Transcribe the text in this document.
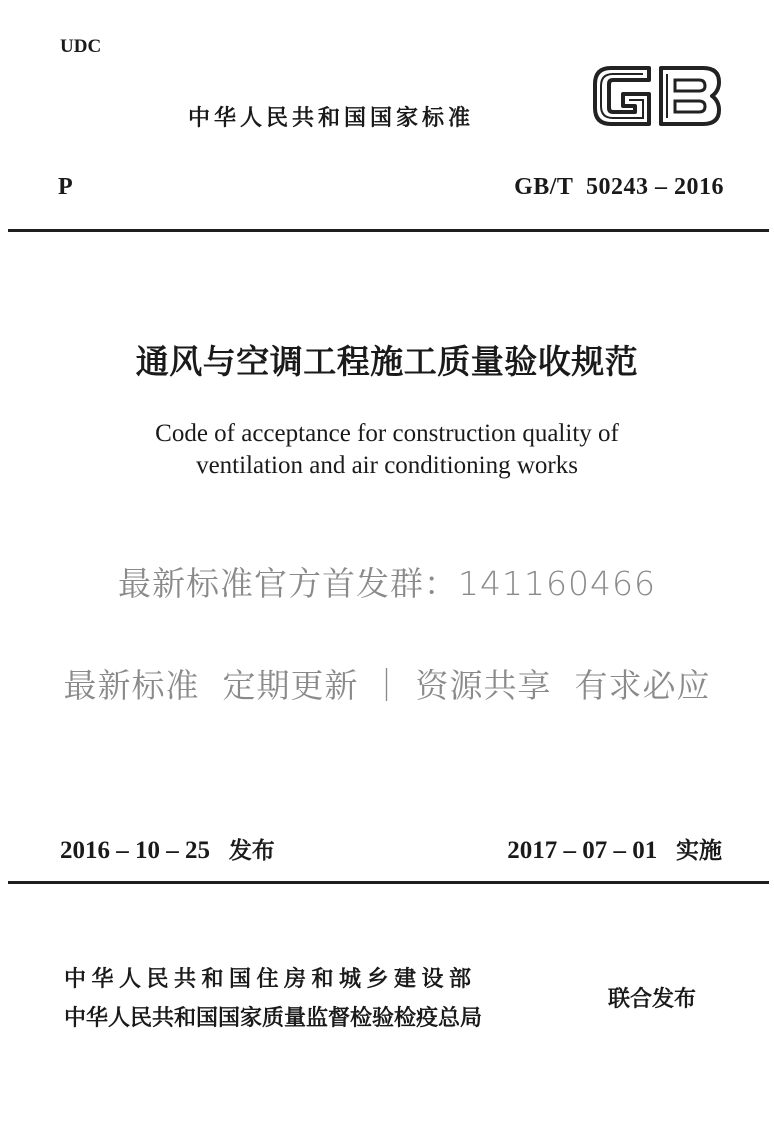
UDC
中华人民共和国国家标准
P	GB/T  50243 – 2016
通风与空调工程施工质量验收规范
Code of acceptance for construction quality of
ventilation and air conditioning works
最新标准官方首发群：141160466
最新标准  定期更新 ｜ 资源共享  有求必应
2016 – 10 – 25 发布	2017 – 07 – 01 实施
中华人民共和国住房和城乡建设部
中华人民共和国国家质量监督检验检疫总局
联合发布
